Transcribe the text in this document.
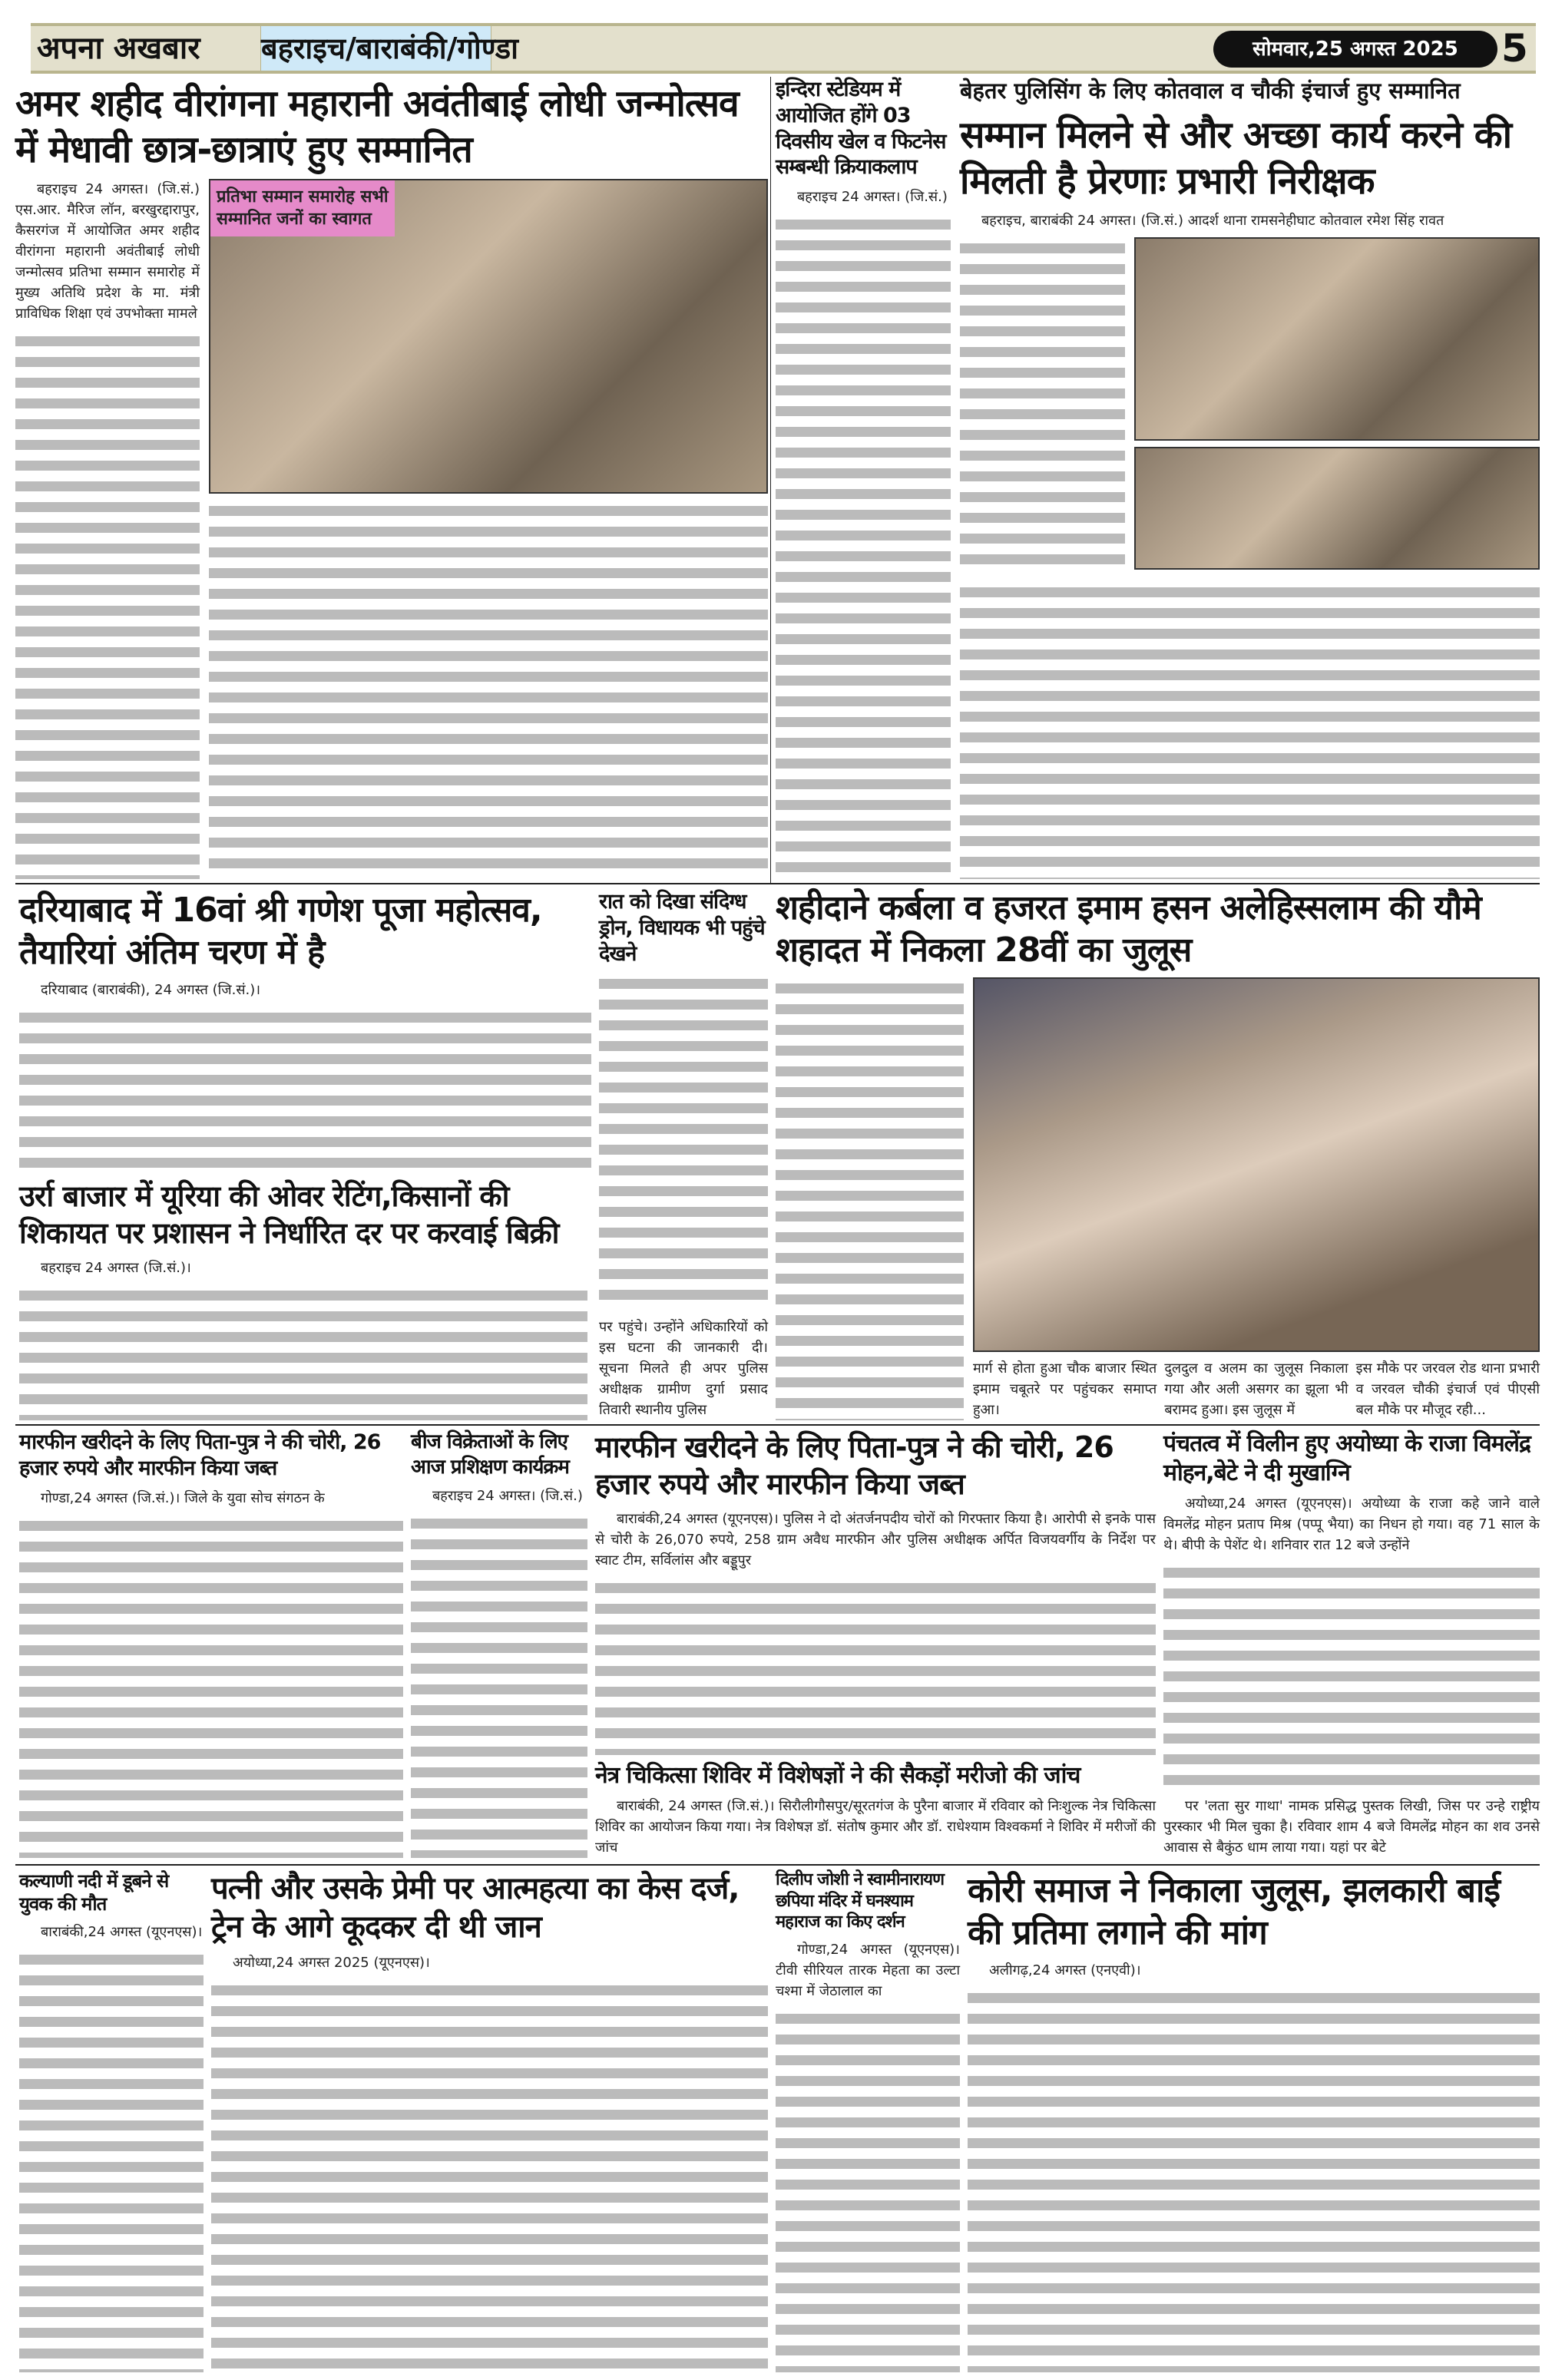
अपना अखबार	बहराइच/बाराबंकी/गोण्डा	सोमवार,25 अगस्त 2025	5
अमर शहीद वीरांगना महारानी अवंतीबाई लोधी जन्मोत्सव में मेधावी छात्र-छात्राएं हुए सम्मानित

बहराइच 24 अगस्त। (जि.सं.) एस.आर. मैरिज लॉन, बरखुरद्दारापुर, कैसरगंज में आयोजित अमर शहीद वीरांगना महारानी अवंतीबाई लोधी जन्मोत्सव प्रतिभा सम्मान समारोह में मुख्य अतिथि प्रदेश के मा. मंत्री प्राविधिक शिक्षा एवं उपभोक्ता मामले

प्रतिभा सम्मान समारोह सभी सम्मानित जनों का स्वागत
इन्दिरा स्टेडियम में आयोजित होंगे 03 दिवसीय खेल व फिटनेस सम्बन्धी क्रियाकलाप

बहराइच 24 अगस्त। (जि.सं.)

बेहतर पुलिसिंग के लिए कोतवाल व चौकी इंचार्ज हुए सम्मानित
सम्मान मिलने से और अच्छा कार्य करने की मिलती है प्रेरणाः प्रभारी निरीक्षक

बहराइच, बाराबंकी 24 अगस्त। (जि.सं.) आदर्श थाना रामसनेहीघाट कोतवाल रमेश सिंह रावत

दरियाबाद में 16वां श्री गणेश पूजा महोत्सव, तैयारियां अंतिम चरण में है

दरियाबाद (बाराबंकी), 24 अगस्त (जि.सं.)।

उर्रा बाजार में यूरिया की ओवर रेटिंग,किसानों की शिकायत पर प्रशासन ने निर्धारित दर पर करवाई बिक्री

बहराइच 24 अगस्त (जि.सं.)।

रात को दिखा संदिग्ध ड्रोन, विधायक भी पहुंचे देखने

पर पहुंचे। उन्होंने अधिकारियों को इस घटना की जानकारी दी। सूचना मिलते ही अपर पुलिस अधीक्षक ग्रामीण दुर्गा प्रसाद तिवारी स्थानीय पुलिस

शहीदाने कर्बला व हजरत इमाम हसन अलेहिस्सलाम की यौमे शहादत में निकला 28वीं का जुलूस

मार्ग से होता हुआ चौक बाजार स्थित इमाम चबूतरे पर पहुंचकर समाप्त हुआ।

दुलदुल व अलम का जुलूस निकाला गया और अली असगर का झूला भी बरामद हुआ। इस जुलूस में

इस मौके पर जरवल रोड थाना प्रभारी व जरवल चौकी इंचार्ज एवं पीएसी बल मौके पर मौजूद रही...

मारफीन खरीदने के लिए पिता-पुत्र ने की चोरी, 26 हजार रुपये और मारफीन किया जब्त

गोण्डा,24 अगस्त (जि.सं.)। जिले के युवा सोच संगठन के

बीज विक्रेताओं के लिए आज प्रशिक्षण कार्यक्रम

बहराइच 24 अगस्त। (जि.सं.)

मारफीन खरीदने के लिए पिता-पुत्र ने की चोरी, 26 हजार रुपये और मारफीन किया जब्त

बाराबंकी,24 अगस्त (यूएनएस)। पुलिस ने दो अंतर्जनपदीय चोरों को गिरफ्तार किया है। आरोपी से इनके पास से चोरी के 26,070 रुपये, 258 ग्राम अवैध मारफीन और पुलिस अधीक्षक अर्पित विजयवर्गीय के निर्देश पर स्वाट टीम, सर्विलांस और बड्डूपुर

नेत्र चिकित्सा शिविर में विशेषज्ञों ने की सैकड़ों मरीजो की जांच

बाराबंकी, 24 अगस्त (जि.सं.)। सिरौलीगौसपुर/सूरतगंज के पुरैना बाजार में रविवार को निःशुल्क नेत्र चिकित्सा शिविर का आयोजन किया गया। नेत्र विशेषज्ञ डॉ. संतोष कुमार और डॉ. राधेश्याम विश्वकर्मा ने शिविर में मरीजों की जांच

पंचतत्व में विलीन हुए अयोध्या के राजा विमलेंद्र मोहन,बेटे ने दी मुखाग्नि

अयोध्या,24 अगस्त (यूएनएस)। अयोध्या के राजा कहे जाने वाले विमलेंद्र मोहन प्रताप मिश्र (पप्पू भैया) का निधन हो गया। वह 71 साल के थे। बीपी के पेशेंट थे। शनिवार रात 12 बजे उन्होंने

पर 'लता सुर गाथा' नामक प्रसिद्ध पुस्तक लिखी, जिस पर उन्हे राष्ट्रीय पुरस्कार भी मिल चुका है। रविवार शाम 4 बजे विमलेंद्र मोहन का शव उनसे आवास से बैकुंठ धाम लाया गया। यहां पर बेटे

कल्याणी नदी में डूबने से युवक की मौत

बाराबंकी,24 अगस्त (यूएनएस)।

पत्नी और उसके प्रेमी पर आत्महत्या का केस दर्ज, ट्रेन के आगे कूदकर दी थी जान

अयोध्या,24 अगस्त 2025 (यूएनएस)।

दिलीप जोशी ने स्वामीनारायण छपिया मंदिर में घनश्याम महाराज का किए दर्शन

गोण्डा,24 अगस्त (यूएनएस)। टीवी सीरियल तारक मेहता का उल्टा चश्मा में जेठालाल का

कोरी समाज ने निकाला जुलूस, झलकारी बाई की प्रतिमा लगाने की मांग

अलीगढ़,24 अगस्त (एनएवी)।
